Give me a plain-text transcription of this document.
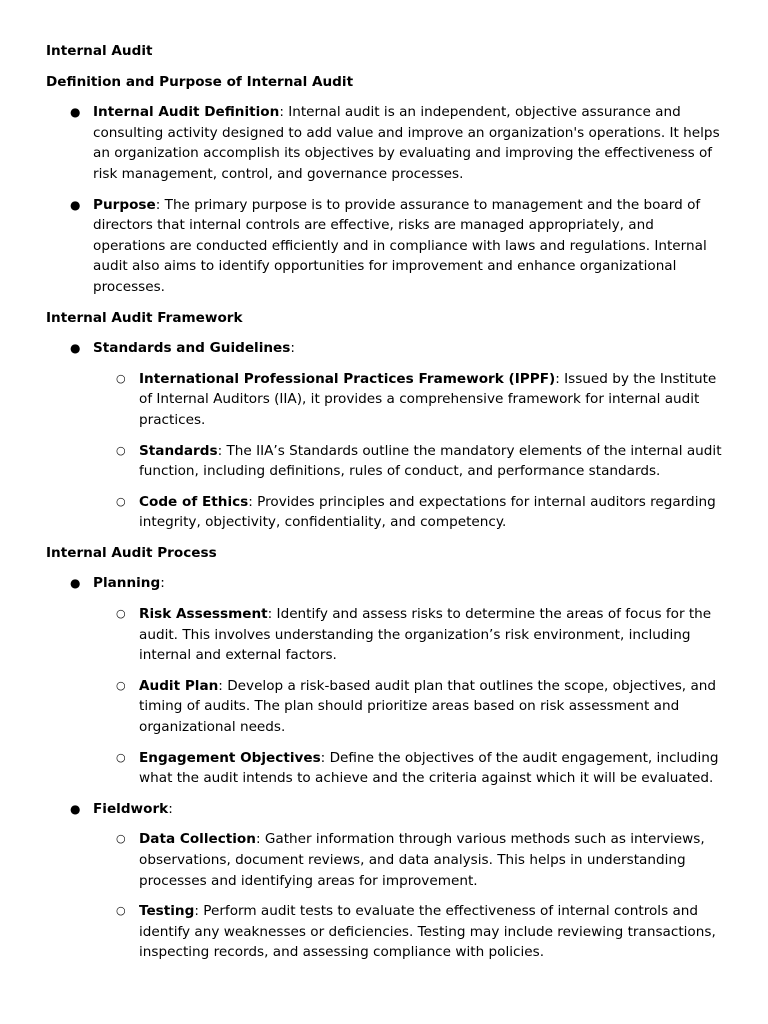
Internal Audit
Definition and Purpose of Internal Audit
● Internal Audit Definition: Internal audit is an independent, objective assurance and consulting activity designed to add value and improve an organization's operations. It helps an organization accomplish its objectives by evaluating and improving the effectiveness of risk management, control, and governance processes.
● Purpose: The primary purpose is to provide assurance to management and the board of directors that internal controls are effective, risks are managed appropriately, and operations are conducted efficiently and in compliance with laws and regulations. Internal audit also aims to identify opportunities for improvement and enhance organizational processes.
Internal Audit Framework
● Standards and Guidelines:
○ International Professional Practices Framework (IPPF): Issued by the Institute of Internal Auditors (IIA), it provides a comprehensive framework for internal audit practices.
○ Standards: The IIA’s Standards outline the mandatory elements of the internal audit function, including definitions, rules of conduct, and performance standards.
○ Code of Ethics: Provides principles and expectations for internal auditors regarding integrity, objectivity, confidentiality, and competency.
Internal Audit Process
● Planning:
○ Risk Assessment: Identify and assess risks to determine the areas of focus for the audit. This involves understanding the organization’s risk environment, including internal and external factors.
○ Audit Plan: Develop a risk-based audit plan that outlines the scope, objectives, and timing of audits. The plan should prioritize areas based on risk assessment and organizational needs.
○ Engagement Objectives: Define the objectives of the audit engagement, including what the audit intends to achieve and the criteria against which it will be evaluated.
● Fieldwork:
○ Data Collection: Gather information through various methods such as interviews, observations, document reviews, and data analysis. This helps in understanding processes and identifying areas for improvement.
○ Testing: Perform audit tests to evaluate the effectiveness of internal controls and identify any weaknesses or deficiencies. Testing may include reviewing transactions, inspecting records, and assessing compliance with policies.
